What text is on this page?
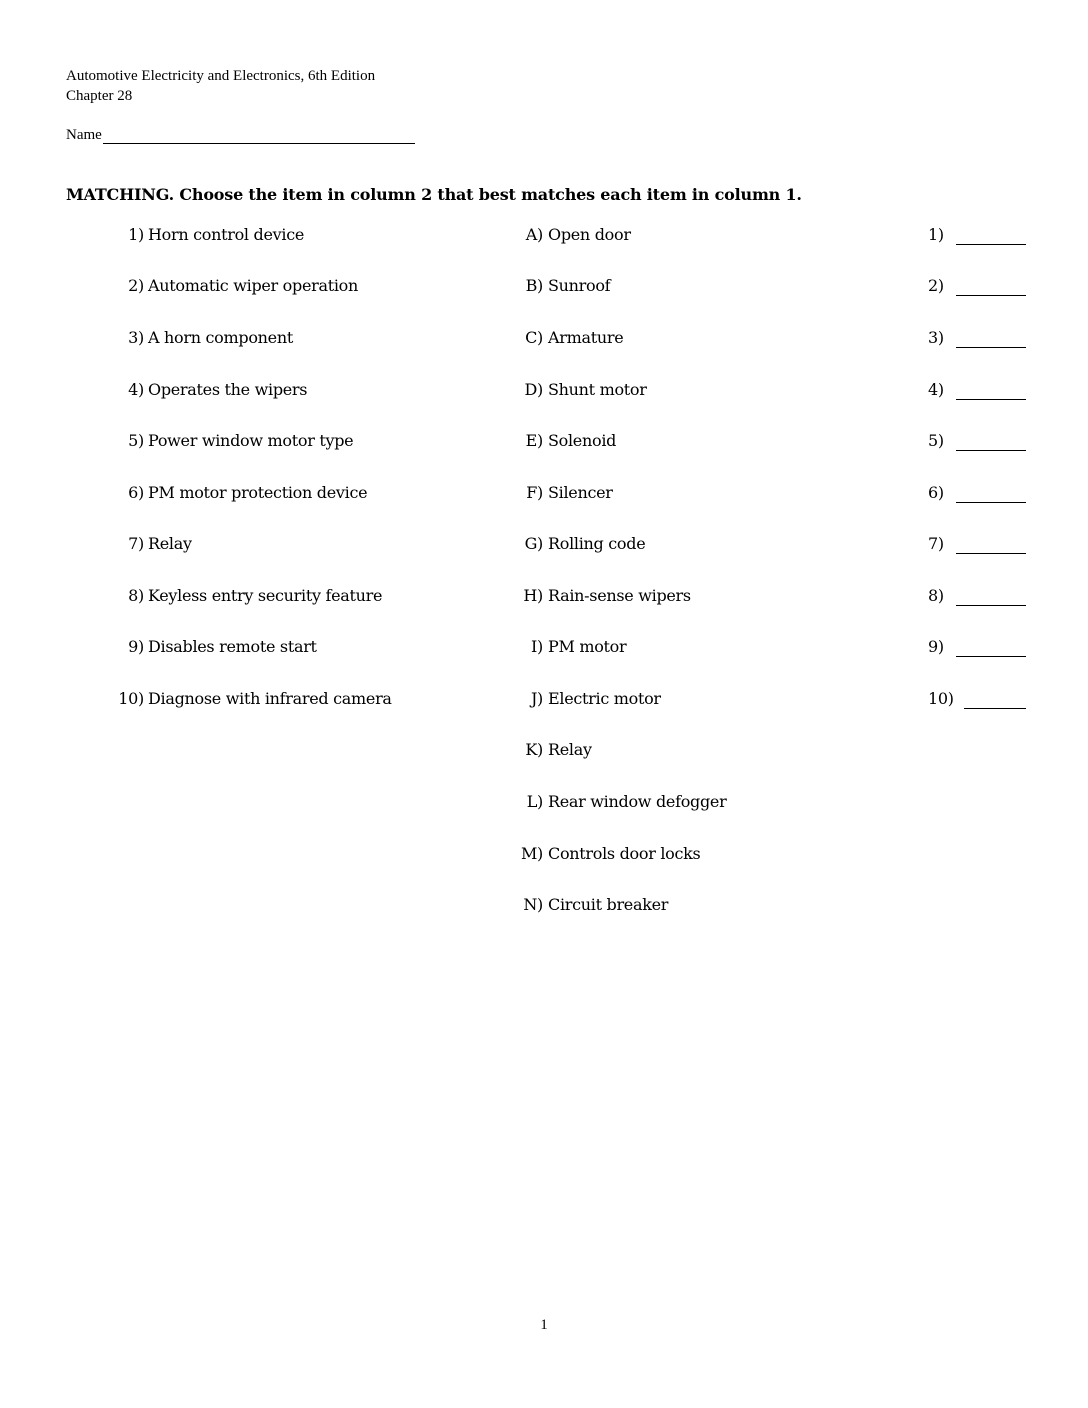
Automotive Electricity and Electronics, 6th Edition
Chapter 28
Name
MATCHING. Choose the item in column 2 that best matches each item in column 1.
1) Horn control device	A) Open door	1)
2) Automatic wiper operation	B) Sunroof	2)
3) A horn component	C) Armature	3)
4) Operates the wipers	D) Shunt motor	4)
5) Power window motor type	E) Solenoid	5)
6) PM motor protection device	F) Silencer	6)
7) Relay	G) Rolling code	7)
8) Keyless entry security feature	H) Rain-sense wipers	8)
9) Disables remote start	I) PM motor	9)
10) Diagnose with infrared camera	J) Electric motor	10)
K) Relay
L) Rear window defogger
M) Controls door locks
N) Circuit breaker
1
